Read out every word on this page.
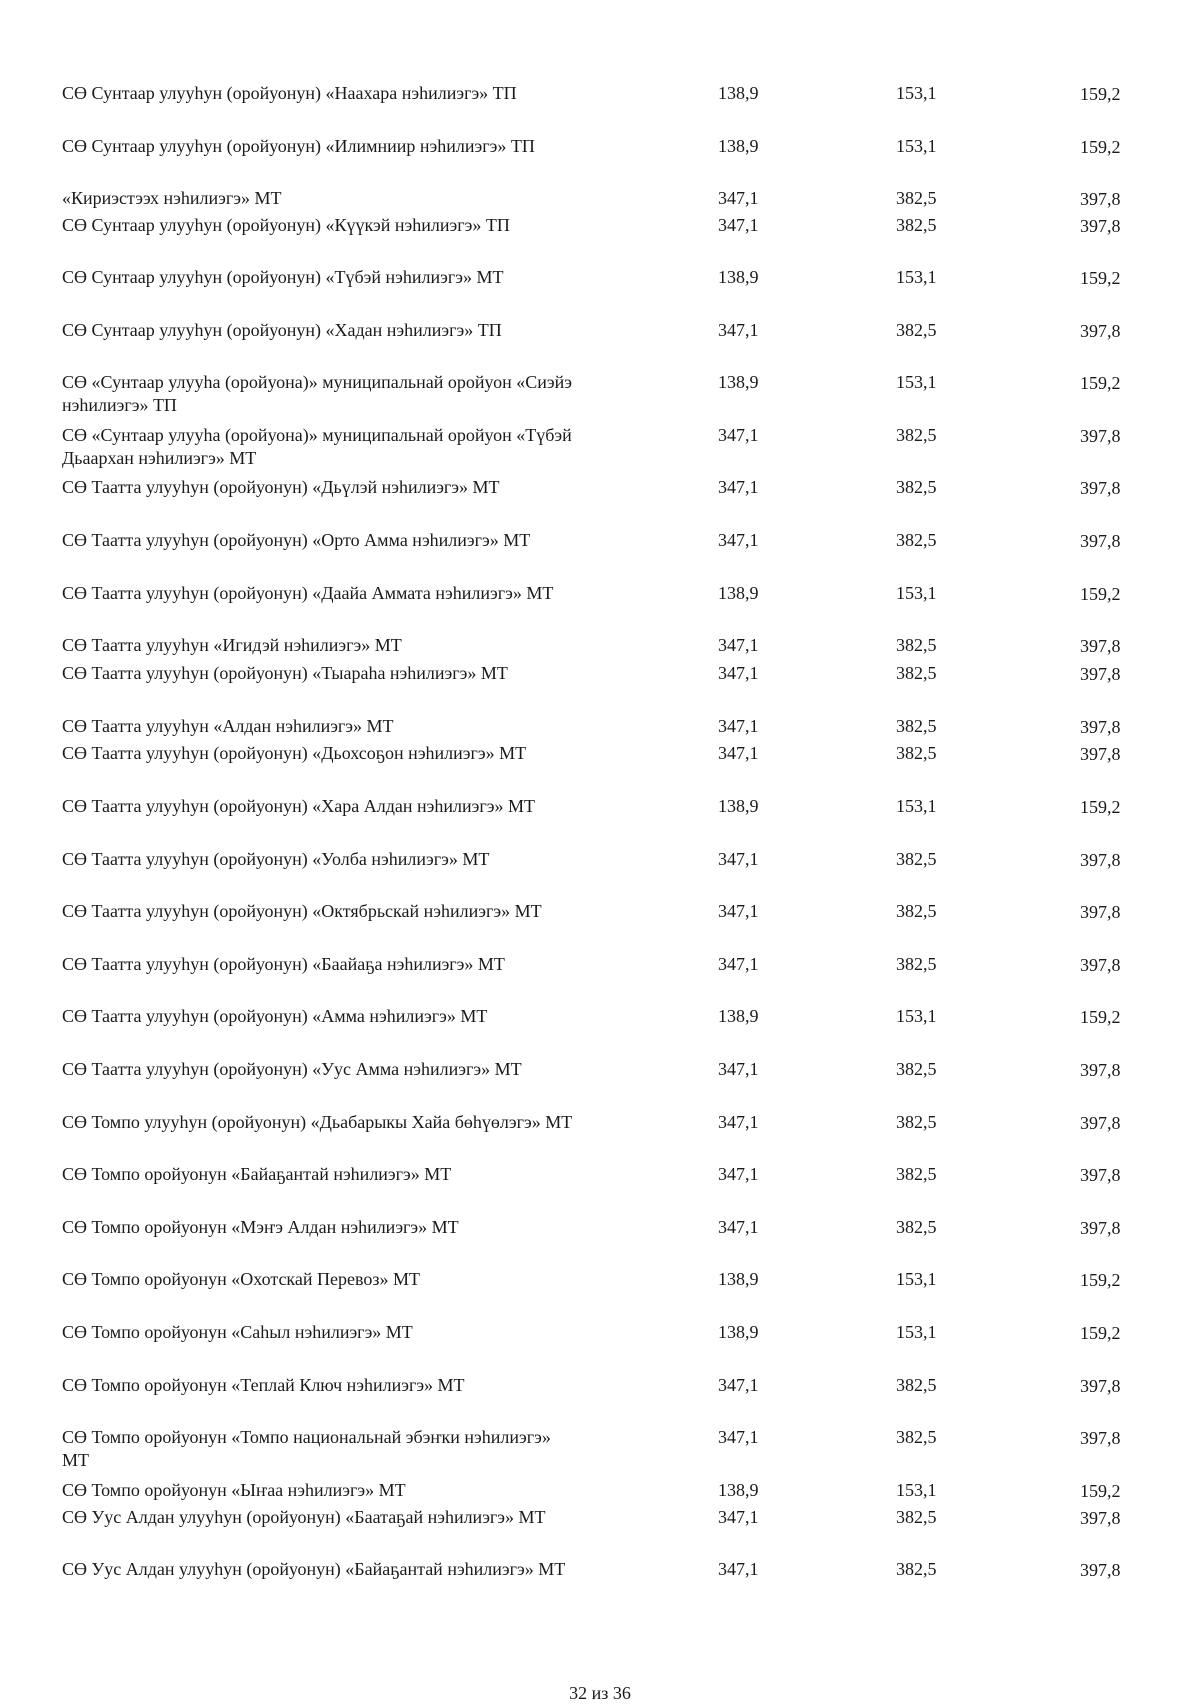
СӨ Сунтаар улууһун (оройуонун) «Наахара нэһилиэгэ» ТП	138,9	153,1	159,2
СӨ Сунтаар улууһун (оройуонун) «Илимниир нэһилиэгэ» ТП	138,9	153,1	159,2
«Кириэстээх нэһилиэгэ» МТ	347,1	382,5	397,8
СӨ Сунтаар улууһун (оройуонун) «Күүкэй нэһилиэгэ» ТП	347,1	382,5	397,8
СӨ Сунтаар улууһун (оройуонун) «Түбэй нэһилиэгэ» МТ	138,9	153,1	159,2
СӨ Сунтаар улууһун (оройуонун) «Хадан нэһилиэгэ» ТП	347,1	382,5	397,8
СӨ «Сунтаар улууһа (оройуона)» муниципальнай оройуон «Сиэйэ нэһилиэгэ» ТП
138,9	153,1	159,2
СӨ «Сунтаар улууһа (оройуона)» муниципальнай оройуон «Түбэй Дьаархан нэһилиэгэ» МТ
347,1	382,5	397,8
СӨ Таатта улууһун (оройуонун) «Дьүлэй нэһилиэгэ» МТ	347,1	382,5	397,8
СӨ Таатта улууһун (оройуонун) «Орто Амма нэһилиэгэ» МТ	347,1	382,5	397,8
СӨ Таатта улууһун (оройуонун) «Даайа Аммата нэһилиэгэ» МТ	138,9	153,1	159,2
СӨ Таатта улууһун «Игидэй нэһилиэгэ» МТ	347,1	382,5	397,8
СӨ Таатта улууһун (оройуонун) «Тыараһа нэһилиэгэ» МТ	347,1	382,5	397,8
СӨ Таатта улууһун «Алдан нэһилиэгэ» МТ	347,1	382,5	397,8
СӨ Таатта улууһун (оройуонун) «Дьохсоҕон нэһилиэгэ» МТ	347,1	382,5	397,8
СӨ Таатта улууһун (оройуонун) «Хара Алдан нэһилиэгэ» МТ	138,9	153,1	159,2
СӨ Таатта улууһун (оройуонун) «Уолба нэһилиэгэ» МТ	347,1	382,5	397,8
СӨ Таатта улууһун (оройуонун) «Октябрьскай нэһилиэгэ» МТ	347,1	382,5	397,8
СӨ Таатта улууһун (оройуонун) «Баайаҕа нэһилиэгэ» МТ	347,1	382,5	397,8
СӨ Таатта улууһун (оройуонун) «Амма нэһилиэгэ» МТ	138,9	153,1	159,2
СӨ Таатта улууһун (оройуонун) «Уус Амма нэһилиэгэ» МТ	347,1	382,5	397,8
СӨ Томпо улууһун (оройуонун) «Дьабарыкы Хайа бөһүөлэгэ» МТ	347,1	382,5	397,8
СӨ Томпо оройуонун «Байаҕантай нэһилиэгэ» МТ	347,1	382,5	397,8
СӨ Томпо оройуонун «Мэҥэ Алдан нэһилиэгэ» МТ	347,1	382,5	397,8
СӨ Томпо оройуонун «Охотскай Перевоз» МТ	138,9	153,1	159,2
СӨ Томпо оройуонун «Саһыл нэһилиэгэ» МТ	138,9	153,1	159,2
СӨ Томпо оройуонун «Теплай Ключ нэһилиэгэ» МТ	347,1	382,5	397,8
СӨ Томпо оройуонун «Томпо национальнай эбэҥки нэһилиэгэ» МТ
347,1	382,5	397,8
СӨ Томпо оройуонун «Ыҥаа нэһилиэгэ» МТ	138,9	153,1	159,2
СӨ Уус Алдан улууһун (оройуонун) «Баатаҕай нэһилиэгэ» МТ	347,1	382,5	397,8
СӨ Уус Алдан улууһун (оройуонун) «Байаҕантай нэһилиэгэ» МТ	347,1	382,5	397,8
32 из 36
